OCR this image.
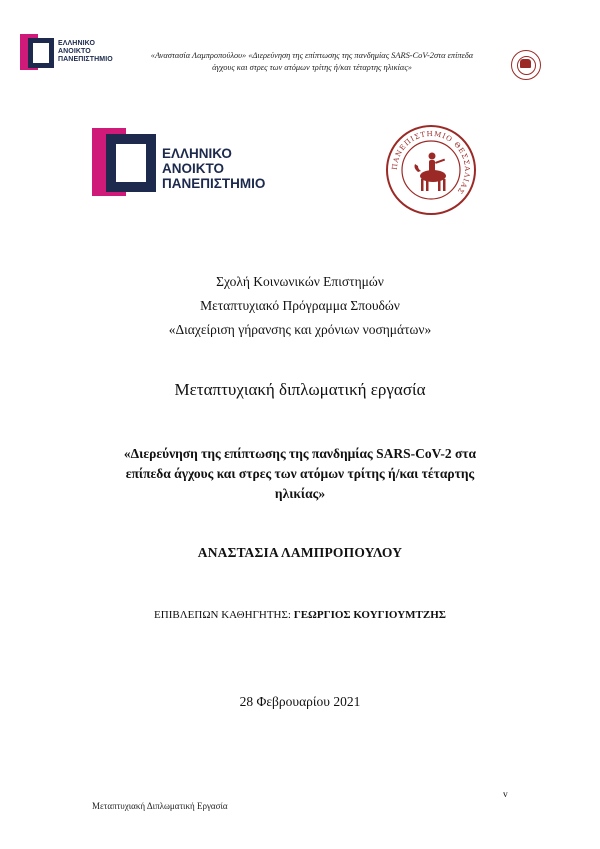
ΕΛΛΗΝΙΚΟ
ΑΝΟΙΚΤΟ
ΠΑΝΕΠΙΣΤΗΜΙΟ	«Αναστασία Λαμπροπούλου» «Διερεύνηση της επίπτωσης της πανδημίας SARS-CoV-2στα επίπεδα
άγχους και στρες των ατόμων τρίτης ή/και τέταρτης ηλικίας»
ΕΛΛΗΝΙΚΟ
ΑΝΟΙΚΤΟ
ΠΑΝΕΠΙΣΤΗΜΙΟ
ΠΑΝΕΠΙΣΤΗΜΙΟ ΘΕΣΣΑΛΙΑΣ
Σχολή Κοινωνικών Επιστημών
Μεταπτυχιακό Πρόγραμμα Σπουδών
«Διαχείριση γήρανσης και χρόνιων νοσημάτων»
Μεταπτυχιακή διπλωματική εργασία
«Διερεύνηση της επίπτωσης της πανδημίας SARS-CoV-2 στα
επίπεδα άγχους και στρες των ατόμων τρίτης ή/και τέταρτης
ηλικίας»
ΑΝΑΣΤΑΣΙΑ ΛΑΜΠΡΟΠΟΥΛΟΥ
ΕΠΙΒΛΕΠΩΝ ΚΑΘΗΓΗΤΗΣ: ΓΕΩΡΓΙΟΣ ΚΟΥΓΙΟΥΜΤΖΗΣ
28 Φεβρουαρίου 2021
v
Μεταπτυχιακή Διπλωματική Εργασία
